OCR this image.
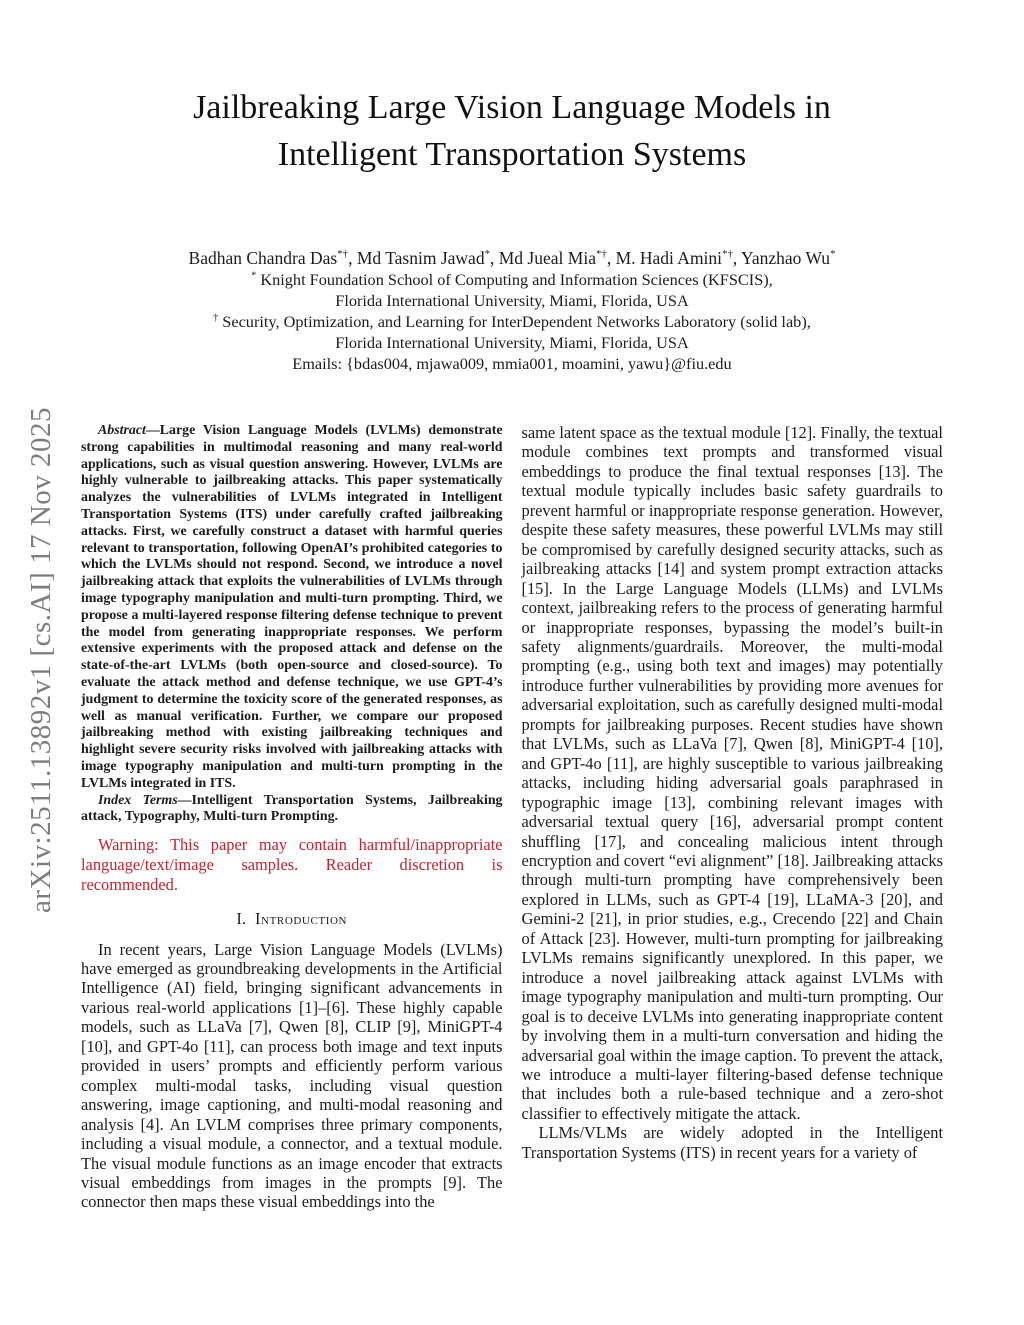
arXiv:2511.13892v1 [cs.AI] 17 Nov 2025
Jailbreaking Large Vision Language Models in
Intelligent Transportation Systems
Badhan Chandra Das*†, Md Tasnim Jawad*, Md Jueal Mia*†, M. Hadi Amini*†, Yanzhao Wu*
* Knight Foundation School of Computing and Information Sciences (KFSCIS),
Florida International University, Miami, Florida, USA
† Security, Optimization, and Learning for InterDependent Networks Laboratory (solid lab),
Florida International University, Miami, Florida, USA
Emails: {bdas004, mjawa009, mmia001, moamini, yawu}@fiu.edu

Abstract—Large Vision Language Models (LVLMs) demonstrate strong capabilities in multimodal reasoning and many real-world applications, such as visual question answering. However, LVLMs are highly vulnerable to jailbreaking attacks. This paper systematically analyzes the vulnerabilities of LVLMs integrated in Intelligent Transportation Systems (ITS) under carefully crafted jailbreaking attacks. First, we carefully construct a dataset with harmful queries relevant to transportation, following OpenAI’s prohibited categories to which the LVLMs should not respond. Second, we introduce a novel jailbreaking attack that exploits the vulnerabilities of LVLMs through image typography manipulation and multi-turn prompting. Third, we propose a multi-layered response filtering defense technique to prevent the model from generating inappropriate responses. We perform extensive experiments with the proposed attack and defense on the state-of-the-art LVLMs (both open-source and closed-source). To evaluate the attack method and defense technique, we use GPT-4’s judgment to determine the toxicity score of the generated responses, as well as manual verification. Further, we compare our proposed jailbreaking method with existing jailbreaking techniques and highlight severe security risks involved with jailbreaking attacks with image typography manipulation and multi-turn prompting in the LVLMs integrated in ITS.

Index Terms—Intelligent Transportation Systems, Jailbreaking attack, Typography, Multi-turn Prompting.

Warning: This paper may contain harmful/inappropriate language/text/image samples. Reader discretion is recommended.

I. Introduction

In recent years, Large Vision Language Models (LVLMs) have emerged as groundbreaking developments in the Artificial Intelligence (AI) field, bringing significant advancements in various real-world applications [1]–[6]. These highly capable models, such as LLaVa [7], Qwen [8], CLIP [9], MiniGPT-4 [10], and GPT-4o [11], can process both image and text inputs provided in users’ prompts and efficiently perform various complex multi-modal tasks, including visual question answering, image captioning, and multi-modal reasoning and analysis [4]. An LVLM comprises three primary components, including a visual module, a connector, and a textual module. The visual module functions as an image encoder that extracts visual embeddings from images in the prompts [9]. The connector then maps these visual embeddings into the

same latent space as the textual module [12]. Finally, the textual module combines text prompts and transformed visual embeddings to produce the final textual responses [13]. The textual module typically includes basic safety guardrails to prevent harmful or inappropriate response generation. However, despite these safety measures, these powerful LVLMs may still be compromised by carefully designed security attacks, such as jailbreaking attacks [14] and system prompt extraction attacks [15]. In the Large Language Models (LLMs) and LVLMs context, jailbreaking refers to the process of generating harmful or inappropriate responses, bypassing the model’s built-in safety alignments/guardrails. Moreover, the multi-modal prompting (e.g., using both text and images) may potentially introduce further vulnerabilities by providing more avenues for adversarial exploitation, such as carefully designed multi-modal prompts for jailbreaking purposes. Recent studies have shown that LVLMs, such as LLaVa [7], Qwen [8], MiniGPT-4 [10], and GPT-4o [11], are highly susceptible to various jailbreaking attacks, including hiding adversarial goals paraphrased in typographic image [13], combining relevant images with adversarial textual query [16], adversarial prompt content shuffling [17], and concealing malicious intent through encryption and covert “evi alignment” [18]. Jailbreaking attacks through multi-turn prompting have comprehensively been explored in LLMs, such as GPT-4 [19], LLaMA-3 [20], and Gemini-2 [21], in prior studies, e.g., Crecendo [22] and Chain of Attack [23]. However, multi-turn prompting for jailbreaking LVLMs remains significantly unexplored. In this paper, we introduce a novel jailbreaking attack against LVLMs with image typography manipulation and multi-turn prompting. Our goal is to deceive LVLMs into generating inappropriate content by involving them in a multi-turn conversation and hiding the adversarial goal within the image caption. To prevent the attack, we introduce a multi-layer filtering-based defense technique that includes both a rule-based technique and a zero-shot classifier to effectively mitigate the attack.

LLMs/VLMs are widely adopted in the Intelligent Transportation Systems (ITS) in recent years for a variety of
